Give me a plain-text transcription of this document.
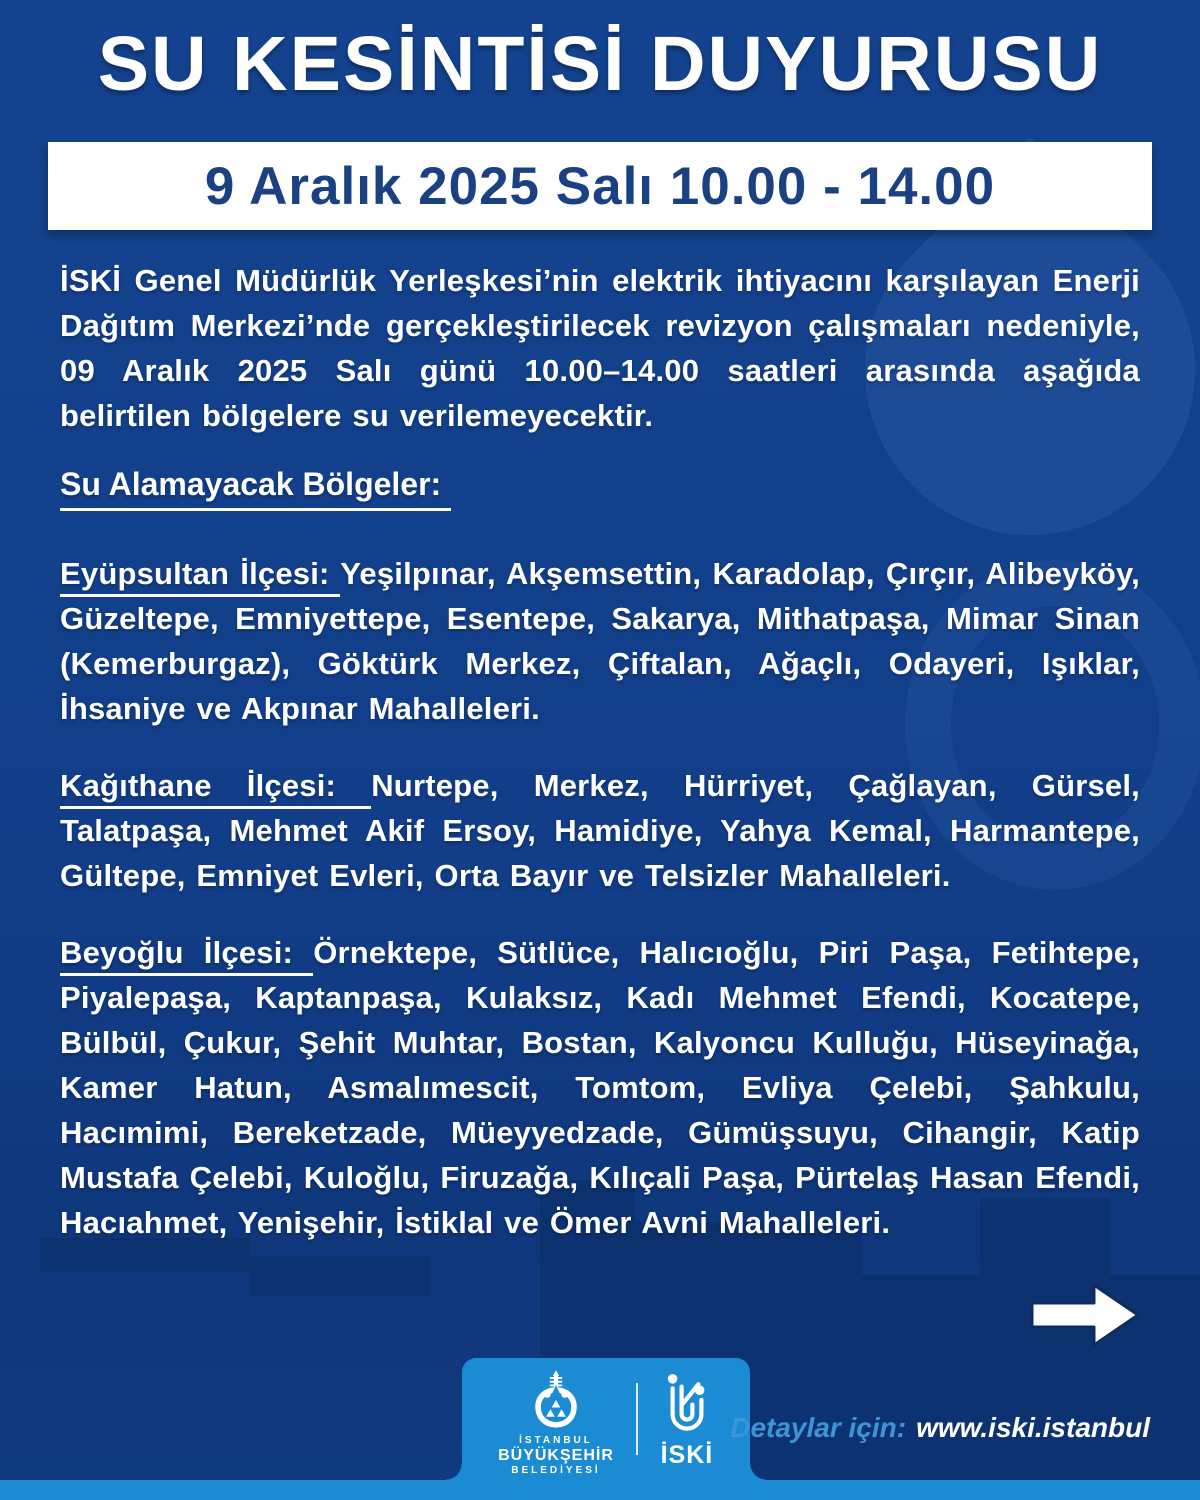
SU KESİNTİSİ DUYURUSU
9 Aralık 2025 Salı 10.00 - 14.00

İSKİ Genel Müdürlük Yerleşkesi’nin elektrik ihtiyacını karşılayan Enerji Dağıtım Merkezi’nde gerçekleştirilecek revizyon çalışmaları nedeniyle, 09 Aralık 2025 Salı günü 10.00–14.00 saatleri arasında aşağıda belirtilen bölgelere su verilemeyecektir.

Su Alamayacak Bölgeler:

Eyüpsultan İlçesi: Yeşilpınar, Akşemsettin, Karadolap, Çırçır, Alibeyköy, Güzeltepe, Emniyettepe, Esentepe, Sakarya, Mithatpaşa, Mimar Sinan (Kemerburgaz), Göktürk Merkez, Çiftalan, Ağaçlı, Odayeri, Işıklar, İhsaniye ve Akpınar Mahalleleri.

Kağıthane İlçesi: Nurtepe, Merkez, Hürriyet, Çağlayan, Gürsel, Talatpaşa, Mehmet Akif Ersoy, Hamidiye, Yahya Kemal, Harmantepe, Gültepe, Emniyet Evleri, Orta Bayır ve Telsizler Mahalleleri.

Beyoğlu İlçesi: Örnektepe, Sütlüce, Halıcıoğlu, Piri Paşa, Fetihtepe, Piyalepaşa, Kaptanpaşa, Kulaksız, Kadı Mehmet Efendi, Kocatepe, Bülbül, Çukur, Şehit Muhtar, Bostan, Kalyoncu Kulluğu, Hüseyinağa, Kamer Hatun, Asmalımescit, Tomtom, Evliya Çelebi, Şahkulu, Hacımimi, Bereketzade, Müeyyedzade, Gümüşsuyu, Cihangir, Katip Mustafa Çelebi, Kuloğlu, Firuzağa, Kılıçali Paşa, Pürtelaş Hasan Efendi, Hacıahmet, Yenişehir, İstiklal ve Ömer Avni Mahalleleri.

İSTANBUL
BÜYÜKŞEHİR
BELEDİYESİ
İSKİ
Detaylar için: www.iski.istanbul
